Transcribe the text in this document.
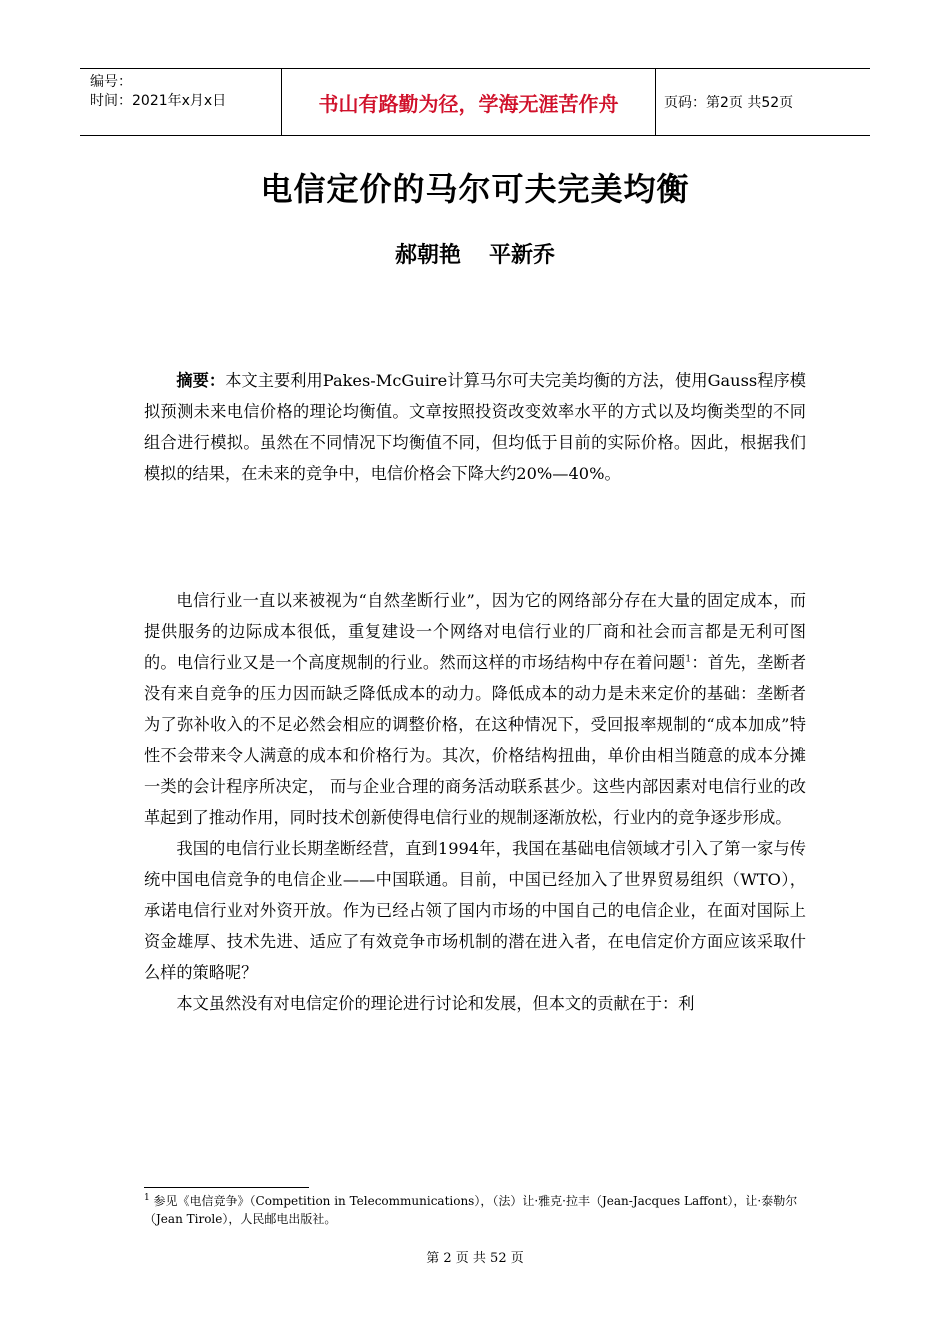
编号：
时间：2021年x月x日	书山有路勤为径，学海无涯苦作舟	页码：第2页 共52页
电信定价的马尔可夫完美均衡
郝朝艳 平新乔

摘要：本文主要利用Pakes-McGuire计算马尔可夫完美均衡的方法，使用Gauss程序模拟预测未来电信价格的理论均衡值。文章按照投资改变效率水平的方式以及均衡类型的不同组合进行模拟。虽然在不同情况下均衡值不同，但均低于目前的实际价格。因此，根据我们模拟的结果，在未来的竞争中，电信价格会下降大约20%—40%。

电信行业一直以来被视为“自然垄断行业”，因为它的网络部分存在大量的固定成本，而提供服务的边际成本很低，重复建设一个网络对电信行业的厂商和社会而言都是无利可图的。电信行业又是一个高度规制的行业。然而这样的市场结构中存在着问题$^1$：首先，垄断者没有来自竞争的压力因而缺乏降低成本的动力。降低成本的动力是未来定价的基础：垄断者为了弥补收入的不足必然会相应的调整价格，在这种情况下，受回报率规制的“成本加成”特性不会带来令人满意的成本和价格行为。其次，价格结构扭曲，单价由相当随意的成本分摊一类的会计程序所决定， 而与企业合理的商务活动联系甚少。这些内部因素对电信行业的改革起到了推动作用，同时技术创新使得电信行业的规制逐渐放松，行业内的竞争逐步形成。

我国的电信行业长期垄断经营，直到1994年，我国在基础电信领域才引入了第一家与传统中国电信竞争的电信企业——中国联通。目前，中国已经加入了世界贸易组织（WTO），承诺电信行业对外资开放。作为已经占领了国内市场的中国自己的电信企业，在面对国际上资金雄厚、技术先进、适应了有效竞争市场机制的潜在进入者，在电信定价方面应该采取什么样的策略呢？

本文虽然没有对电信定价的理论进行讨论和发展，但本文的贡献在于：利

$^1$ 参见《电信竞争》（Competition in Telecommunications），（法）让·雅克·拉丰（Jean-Jacques Laffont），让·泰勒尔（Jean Tirole），人民邮电出版社。
第 2 页 共 52 页
